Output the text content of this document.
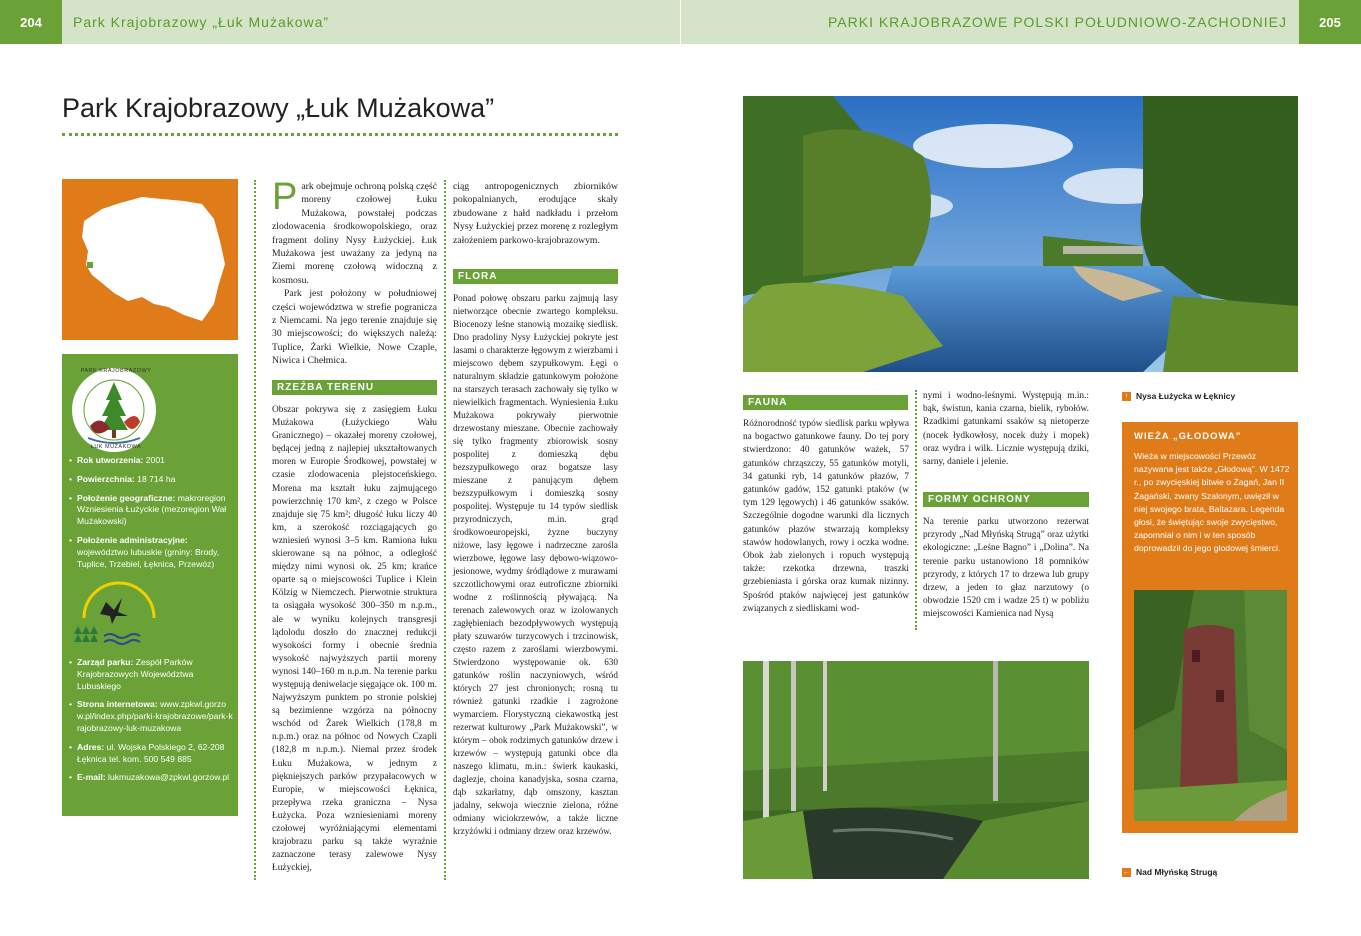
204	Park Krajobrazowy „Łuk Mużakowa”	PARKI KRAJOBRAZOWE POLSKI POŁUDNIOWO-ZACHODNIEJ	205
Park Krajobrazowy „Łuk Mużakowa”
PARK KRAJOBRAZOWY
ŁUK MUŻAKOWA
• Rok utworzenia: 2001
• Powierzchnia: 18 714 ha
• Położenie geograficzne: makroregion Wzniesienia Łużyckie (mezoregion Wał Mużakowski)
• Położenie administracyjne:
województwo lubuskie (gminy: Brody, Tuplice, Trzebiel, Łęknica, Przewóz)
• Zarząd parku: Zespół Parków Krajobrazowych Województwa Lubuskiego
• Strona internetowa: www.zpkwl.gorzow.pl/index.php/parki-krajobrazowe/park-krajobrazowy-luk-muzakowa
• Adres: ul. Wojska Polskiego 2, 62-208 Łęknica tel. kom. 500 549 885
• E-mail: lukmuzakowa@zpkwl.gorzow.pl
P ark obejmuje ochroną polską część moreny czołowej Łuku Mużakowa, powstałej podczas zlodowacenia środkowopolskiego, oraz fragment doliny Nysy Łużyckiej. Łuk Mużakowa jest uważany za jedyną na Ziemi morenę czołową widoczną z kosmosu.

Park jest położony w południowej części województwa w strefie pogranicza z Niemcami. Na jego terenie znajduje się 30 miejscowości; do większych należą: Tuplice, Żarki Wielkie, Nowe Czaple, Niwica i Chełmica.

RZEŹBA TERENU

Obszar pokrywa się z zasięgiem Łuku Mużakowa (Łużyckiego Wału Granicznego) – okazałej moreny czołowej, będącej jedną z najlepiej ukształtowanych moren w Europie Środkowej, powstałej w czasie zlodowacenia plejstoceńskiego. Morena ma kształt łuku zajmującego powierzchnię 170 km², z czego w Polsce znajduje się 75 km²; długość łuku liczy 40 km, a szerokość rozciągających go wzniesień wynosi 3–5 km. Ramiona łuku skierowane są na północ, a odległość między nimi wynosi ok. 25 km; krańce oparte są o miejscowości Tuplice i Klein Kölzig w Niemczech. Pierwotnie struktura ta osiągała wysokość 300–350 m n.p.m., ale w wyniku kolejnych transgresji lądolodu doszło do znacznej redukcji wysokości formy i obecnie średnia wysokość najwyższych partii moreny wynosi 140–160 m n.p.m. Na terenie parku występują deniwelacje sięgające ok. 100 m. Najwyższym punktem po stronie polskiej są bezimienne wzgórza na północny wschód od Żarek Wielkich (178,8 m n.p.m.) oraz na północ od Nowych Czapli (182,8 m n.p.m.). Niemal przez środek Łuku Mużakowa, w jednym z piękniejszych parków przypałacowych w Europie, w miejscowości Łęknica, przepływa rzeka graniczna – Nysa Łużycka. Poza wzniesieniami moreny czołowej wyróżniającymi elementami krajobrazu parku są także wyraźnie zaznaczone terasy zalewowe Nysy Łużyckiej,

ciąg antropogenicznych zbiorników pokopalnianych, erodujące skały zbudowane z hałd nadkładu i przełom Nysy Łużyckiej przez morenę z rozległym założeniem parkowo-krajobrazowym.

FLORA

Ponad połowę obszaru parku zajmują lasy nietworzące obecnie zwartego kompleksu. Biocenozy leśne stanowią mozaikę siedlisk. Dno pradoliny Nysy Łużyckiej pokryte jest lasami o charakterze łęgowym z wierzbami i miejscowo dębem szypułkowym. Łęgi o naturalnym składzie gatunkowym położone na starszych terasach zachowały się tylko w niewielkich fragmentach. Wyniesienia Łuku Mużakowa pokrywały pierwotnie drzewostany mieszane. Obecnie zachowały się tylko fragmenty zbiorowisk sosny pospolitej z domieszką dębu bezszypułkowego oraz bogatsze lasy mieszane z panującym dębem bezszypułkowym i domieszką sosny pospolitej. Występuje tu 14 typów siedlisk przyrodniczych, m.in. grąd środkowoeuropejski, żyzne buczyny niżowe, lasy łęgowe i nadrzeczne zarośla wierzbowe, łęgowe lasy dębowo-wiązowo-jesionowe, wydmy śródlądowe z murawami szczotlichowymi oraz eutroficzne zbiorniki wodne z roślinnością pływającą. Na terenach zalewowych oraz w izolowanych zagłębieniach bezodpływowych występują płaty szuwarów turzycowych i trzcinowisk, często razem z zaroślami wierzbowymi. Stwierdzono występowanie ok. 630 gatunków roślin naczyniowych, wśród których 27 jest chronionych; rosną tu również gatunki rzadkie i zagrożone wymarciem. Florystyczną ciekawostką jest rezerwat kulturowy „Park Mużakowski”, w którym – obok rodzimych gatunków drzew i krzewów – występują gatunki obce dla naszego klimatu, m.in.: świerk kaukaski, daglezje, choina kanadyjska, sosna czarna, dąb szkarłatny, dąb omszony, kasztan jadalny, sekwoja wiecznie zielona, różne odmiany wiciokrzewów, a także liczne krzyżówki i odmiany drzew oraz krzewów.

FAUNA

Różnorodność typów siedlisk parku wpływa na bogactwo gatunkowe fauny. Do tej pory stwierdzono: 40 gatunków ważek, 57 gatunków chrząszczy, 55 gatunków motyli, 34 gatunki ryb, 14 gatunków płazów, 7 gatunków gadów, 152 gatunki ptaków (w tym 129 lęgowych) i 46 gatunków ssaków. Szczególnie dogodne warunki dla licznych gatunków płazów stwarzają kompleksy stawów hodowlanych, rowy i oczka wodne. Obok żab zielonych i ropuch występują także: rzekotka drzewna, traszki grzebieniasta i górska oraz kumak nizinny. Spośród ptaków najwięcej jest gatunków związanych z siedliskami wod-

nymi i wodno-leśnymi. Występują m.in.: bąk, świstun, kania czarna, bielik, rybołów. Rzadkimi gatunkami ssaków są nietoperze (nocek łydkowłosy, nocek duży i mopek) oraz wydra i wilk. Licznie występują dziki, sarny, daniele i jelenie.

FORMY OCHRONY PRZYRODY

Na terenie parku utworzono rezerwat przyrody „Nad Młyńską Strugą” oraz użytki ekologiczne: „Leśne Bagno” i „Dolina”. Na terenie parku ustanowiono 18 pomników przyrody, z których 17 to drzewa lub grupy drzew, a jeden to głaz narzutowy (o obwodzie 1520 cm i wadze 25 t) w pobliżu miejscowości Kamienica nad Nysą

↑ Nysa Łużycka w Łęknicy
WIEŻA „GŁODOWA”
Wieża w miejscowości Przewóz nazywana jest także „Głodową”. W 1472 r., po zwycięskiej bitwie o Żagań, Jan II Żagański, zwany Szalonym, uwięził w niej swojego brata, Baltazara. Legenda głosi, że świętując swoje zwycięstwo, zapomniał o nim i w ten sposób doprowadził do jego głodowej śmierci.
← Nad Młyńską Strugą
